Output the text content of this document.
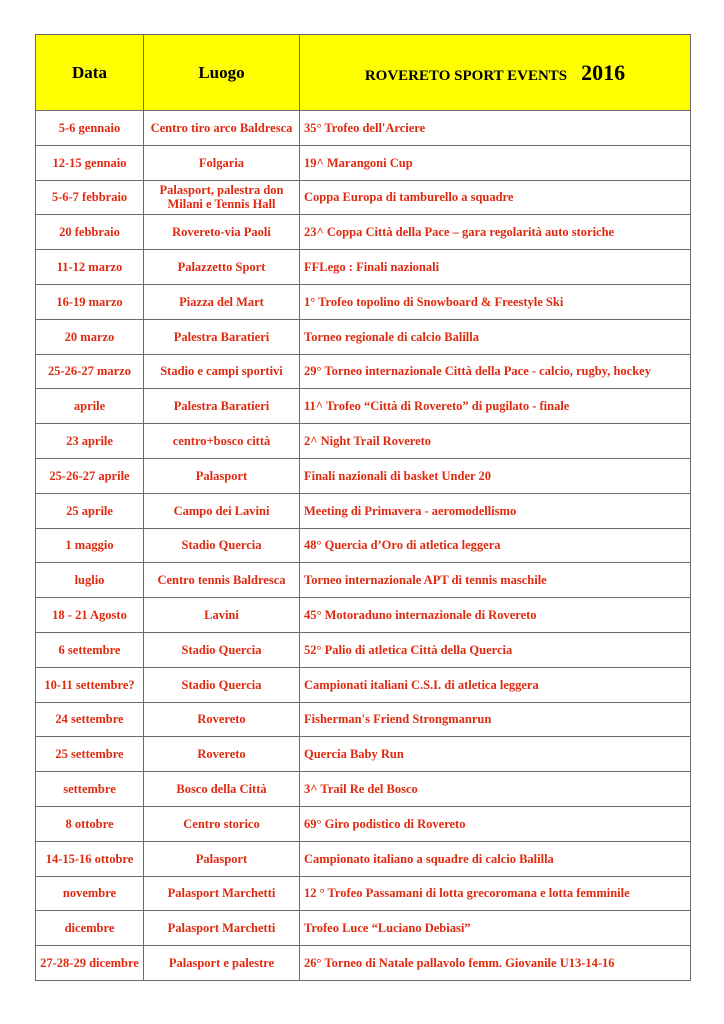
Data	Luogo	ROVERETO SPORT EVENTS 2016
5-6 gennaio	Centro tiro arco Baldresca	35° Trofeo dell'Arciere
12-15 gennaio	Folgaria	19^ Marangoni Cup
5-6-7 febbraio	Palasport, palestra don Milani e Tennis Hall	Coppa Europa di tamburello a squadre
20 febbraio	Rovereto-via Paoli	23^ Coppa Città della Pace – gara regolarità auto storiche
11-12 marzo	Palazzetto Sport	FFLego : Finali nazionali
16-19 marzo	Piazza del Mart	1° Trofeo topolino di Snowboard & Freestyle Ski
20 marzo	Palestra Baratieri	Torneo regionale di calcio Balilla
25-26-27 marzo	Stadio e campi sportivi	29° Torneo internazionale Città della Pace - calcio, rugby, hockey
aprile	Palestra Baratieri	11^ Trofeo “Città di Rovereto” di pugilato - finale
23 aprile	centro+bosco città	2^ Night Trail Rovereto
25-26-27 aprile	Palasport	Finali nazionali di basket Under 20
25 aprile	Campo dei Lavini	Meeting di Primavera - aeromodellismo
1 maggio	Stadio Quercia	48° Quercia d’Oro di atletica leggera
luglio	Centro tennis Baldresca	Torneo internazionale APT di tennis maschile
18 - 21 Agosto	Lavini	45° Motoraduno internazionale di Rovereto
6 settembre	Stadio Quercia	52° Palio di atletica Città della Quercia
10-11 settembre?	Stadio Quercia	Campionati italiani C.S.I. di atletica leggera
24 settembre	Rovereto	Fisherman's Friend Strongmanrun
25 settembre	Rovereto	Quercia Baby Run
settembre	Bosco della Città	3^ Trail Re del Bosco
8 ottobre	Centro storico	69° Giro podistico di Rovereto
14-15-16 ottobre	Palasport	Campionato italiano a squadre di calcio Balilla
novembre	Palasport Marchetti	12 ° Trofeo Passamani di lotta grecoromana e lotta femminile
dicembre	Palasport Marchetti	Trofeo Luce “Luciano Debiasi”
27-28-29 dicembre	Palasport e palestre	26° Torneo di Natale pallavolo femm. Giovanile U13-14-16
